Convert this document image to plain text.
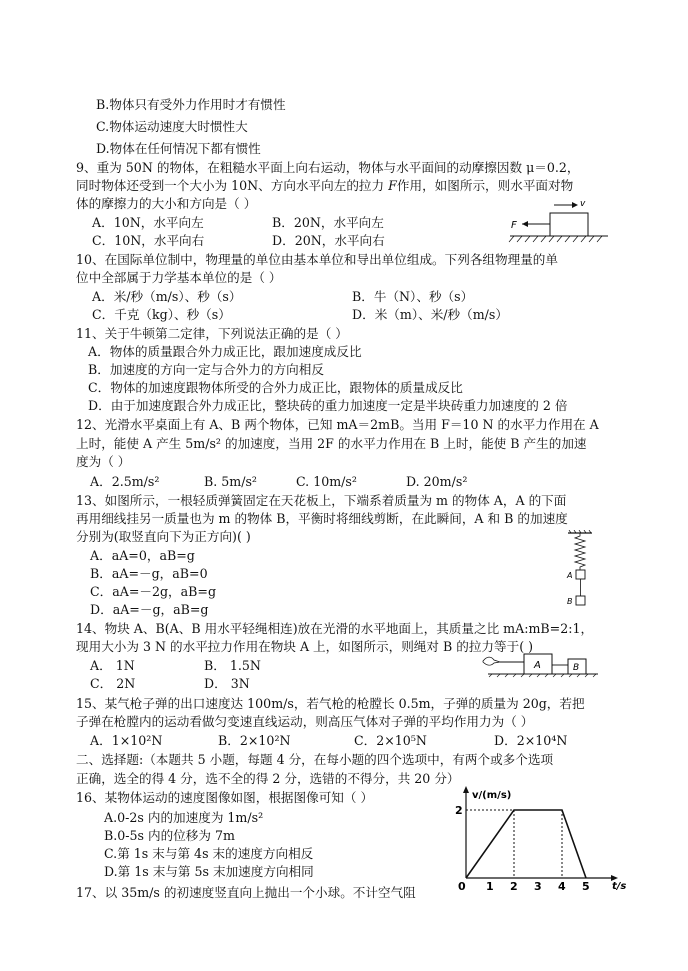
B.物体只有受外力作用时才有惯性
C.物体运动速度大时惯性大
D.物体在任何情况下都有惯性
9、重为 50N 的物体，在粗糙水平面上向右运动，物体与水平面间的动摩擦因数 μ＝0.2，
同时物体还受到一个大小为 10N、方向水平向左的拉力 F作用，如图所示，则水平面对物
体的摩擦力的大小和方向是（ ）
A．10N，水平向左	B．20N，水平向左
C．10N，水平向右	D．20N，水平向右
F
v
10、在国际单位制中，物理量的单位由基本单位和导出单位组成。下列各组物理量的单
位中全部属于力学基本单位的是（ ）
A．米/秒（m/s）、秒（s）	B．牛（N）、秒（s）
C．千克（kg）、秒（s）	D．米（m）、米/秒（m/s）
11、关于牛顿第二定律，下列说法正确的是（ ）
A．物体的质量跟合外力成正比，跟加速度成反比
B．加速度的方向一定与合外力的方向相反
C．物体的加速度跟物体所受的合外力成正比，跟物体的质量成反比
D．由于加速度跟合外力成正比，整块砖的重力加速度一定是半块砖重力加速度的 2 倍
12、光滑水平桌面上有 A、B 两个物体，已知 mA＝2mB。当用 F＝10 N 的水平力作用在 A
上时，能使 A 产生 5m/s² 的加速度，当用 2F 的水平力作用在 B 上时，能使 B 产生的加速
度为（ ）
A．2.5m/s²	B. 5m/s²	C. 10m/s²	D. 20m/s²
13、如图所示，一根轻质弹簧固定在天花板上，下端系着质量为 m 的物体 A，A 的下面
再用细线挂另一质量也为 m 的物体 B，平衡时将细线剪断，在此瞬间，A 和 B 的加速度
分别为(取竖直向下为正方向)( )
A．aA=0，aB=g
B．aA=－g，aB=0
C．aA=－2g，aB=g
D．aA=－g，aB=g
A
B
14、物块 A、B(A、B 用水平轻绳相连)放在光滑的水平地面上，其质量之比 mA:mB=2:1，
现用大小为 3 N 的水平拉力作用在物块 A 上，如图所示，则绳对 B 的拉力等于( )
A． 1N	B． 1.5N
C． 2N	D． 3N
A	B
15、某气枪子弹的出口速度达 100m/s，若气枪的枪膛长 0.5m，子弹的质量为 20g，若把
子弹在枪膛内的运动看做匀变速直线运动，则高压气体对子弹的平均作用力为（ ）
A．1×10²N	B．2×10²N	C．2×10⁵N	D．2×10⁴N
二、选择题:（本题共 5 小题，每题 4 分，在每小题的四个选项中，有两个或多个选项
正确，选全的得 4 分，选不全的得 2 分，选错的不得分，共 20 分）
16、某物体运动的速度图像如图，根据图像可知（ ）
A.0-2s 内的加速度为 1m/s²
B.0-5s 内的位移为 7m
C.第 1s 末与第 4s 末的速度方向相反
D.第 1s 末与第 5s 末加速度方向相同
17、以 35m/s 的初速度竖直向上抛出一个小球。不计空气阻
v/(m/s)
t/s
2
0 1 2 3 4 5
